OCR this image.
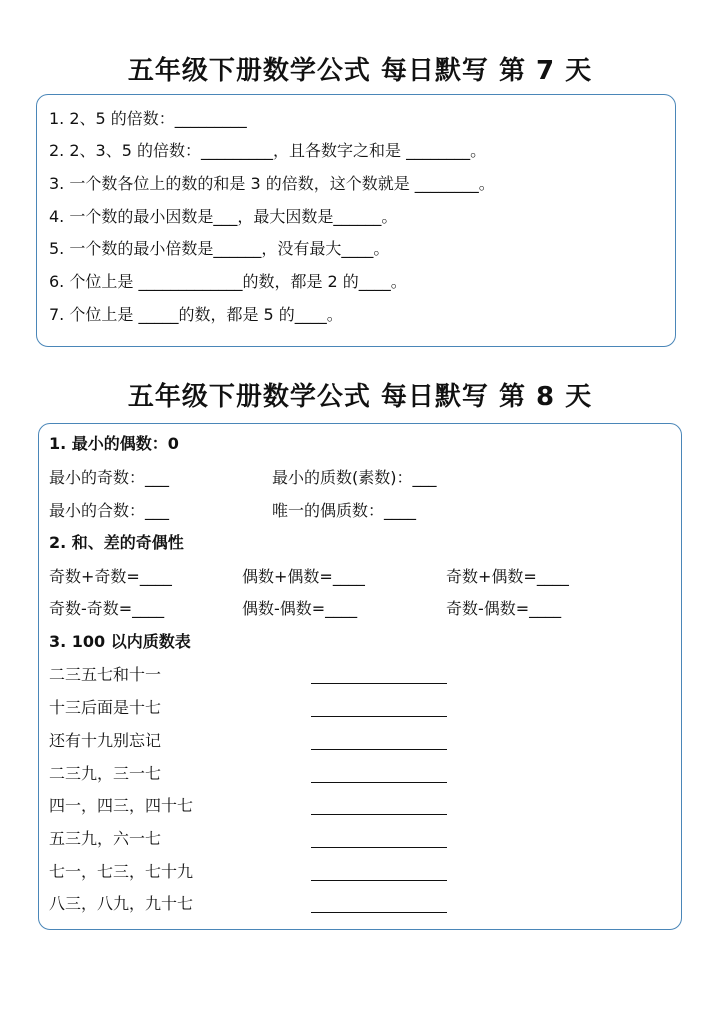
五年级下册数学公式 每日默写 第 7 天
1. 2、5 的倍数：_________
2. 2、3、5 的倍数：_________，且各数字之和是 ________。
3. 一个数各位上的数的和是 3 的倍数，这个数就是 ________。
4. 一个数的最小因数是___，最大因数是______。
5. 一个数的最小倍数是______，没有最大____。
6. 个位上是 _____________的数，都是 2 的____。
7. 个位上是 _____的数，都是 5 的____。
五年级下册数学公式 每日默写 第 8 天
1. 最小的偶数：0
最小的奇数：___	最小的质数(素数)：___
最小的合数：___	唯一的偶质数：____
2. 和、差的奇偶性
奇数+奇数=____	偶数+偶数=____	奇数+偶数=____
奇数-奇数=____	偶数-偶数=____	奇数-偶数=____
3. 100 以内质数表
二三五七和十一
十三后面是十七
还有十九别忘记
二三九，三一七
四一，四三，四十七
五三九，六一七
七一，七三，七十九
八三，八九，九十七
